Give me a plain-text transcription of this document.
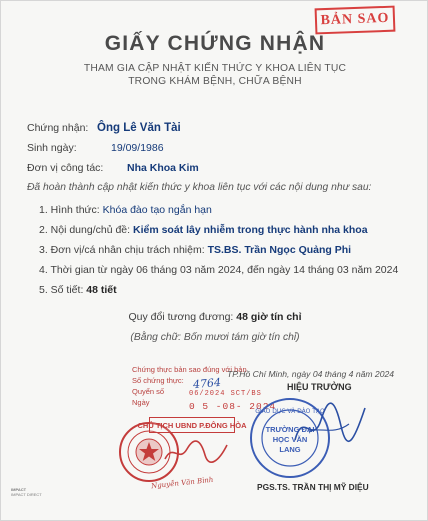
BẢN SAO
GIẤY CHỨNG NHẬN
THAM GIA CẬP NHẬT KIẾN THỨC Y KHOA LIÊN TỤC
TRONG KHÁM BỆNH, CHỮA BỆNH
Chứng nhận: Ông Lê Văn Tài
Sinh ngày:	19/09/1986
Đơn vị công tác: Nha Khoa Kim
Đã hoàn thành cập nhật kiến thức y khoa liên tục với các nội dung như sau:
1. Hình thức: Khóa đào tạo ngắn hạn
2. Nội dung/chủ đề: Kiểm soát lây nhiễm trong thực hành nha khoa
3. Đơn vị/cá nhân chịu trách nhiệm: TS.BS. Trần Ngọc Quảng Phi
4. Thời gian từ ngày 06 tháng 03 năm 2024, đến ngày 14 tháng 03 năm 2024
5. Số tiết: 48 tiết
Quy đổi tương đương: 48 giờ tín chỉ
(Bằng chữ: Bốn mươi tám giờ tín chỉ)
Chứng thực bản sao đúng với bản
Số chứng thực:
Quyển số
Ngày
4764
06/2024 SCT/BS
0 5 -08- 2024
TP.Hồ Chí Minh, ngày 04 tháng 4 năm 2024
HIỆU TRƯỞNG
CHỦ TỊCH UBND P.ĐÔNG HÒA
GIÁO DỤC VÀ ĐÀO TẠO
TRƯỜNG ĐẠI HỌC VĂN LANG
Nguyễn Văn Bình	PGS.TS. TRẦN THỊ MỸ DIỆU
IMPACT
IMPACT DIRECT
